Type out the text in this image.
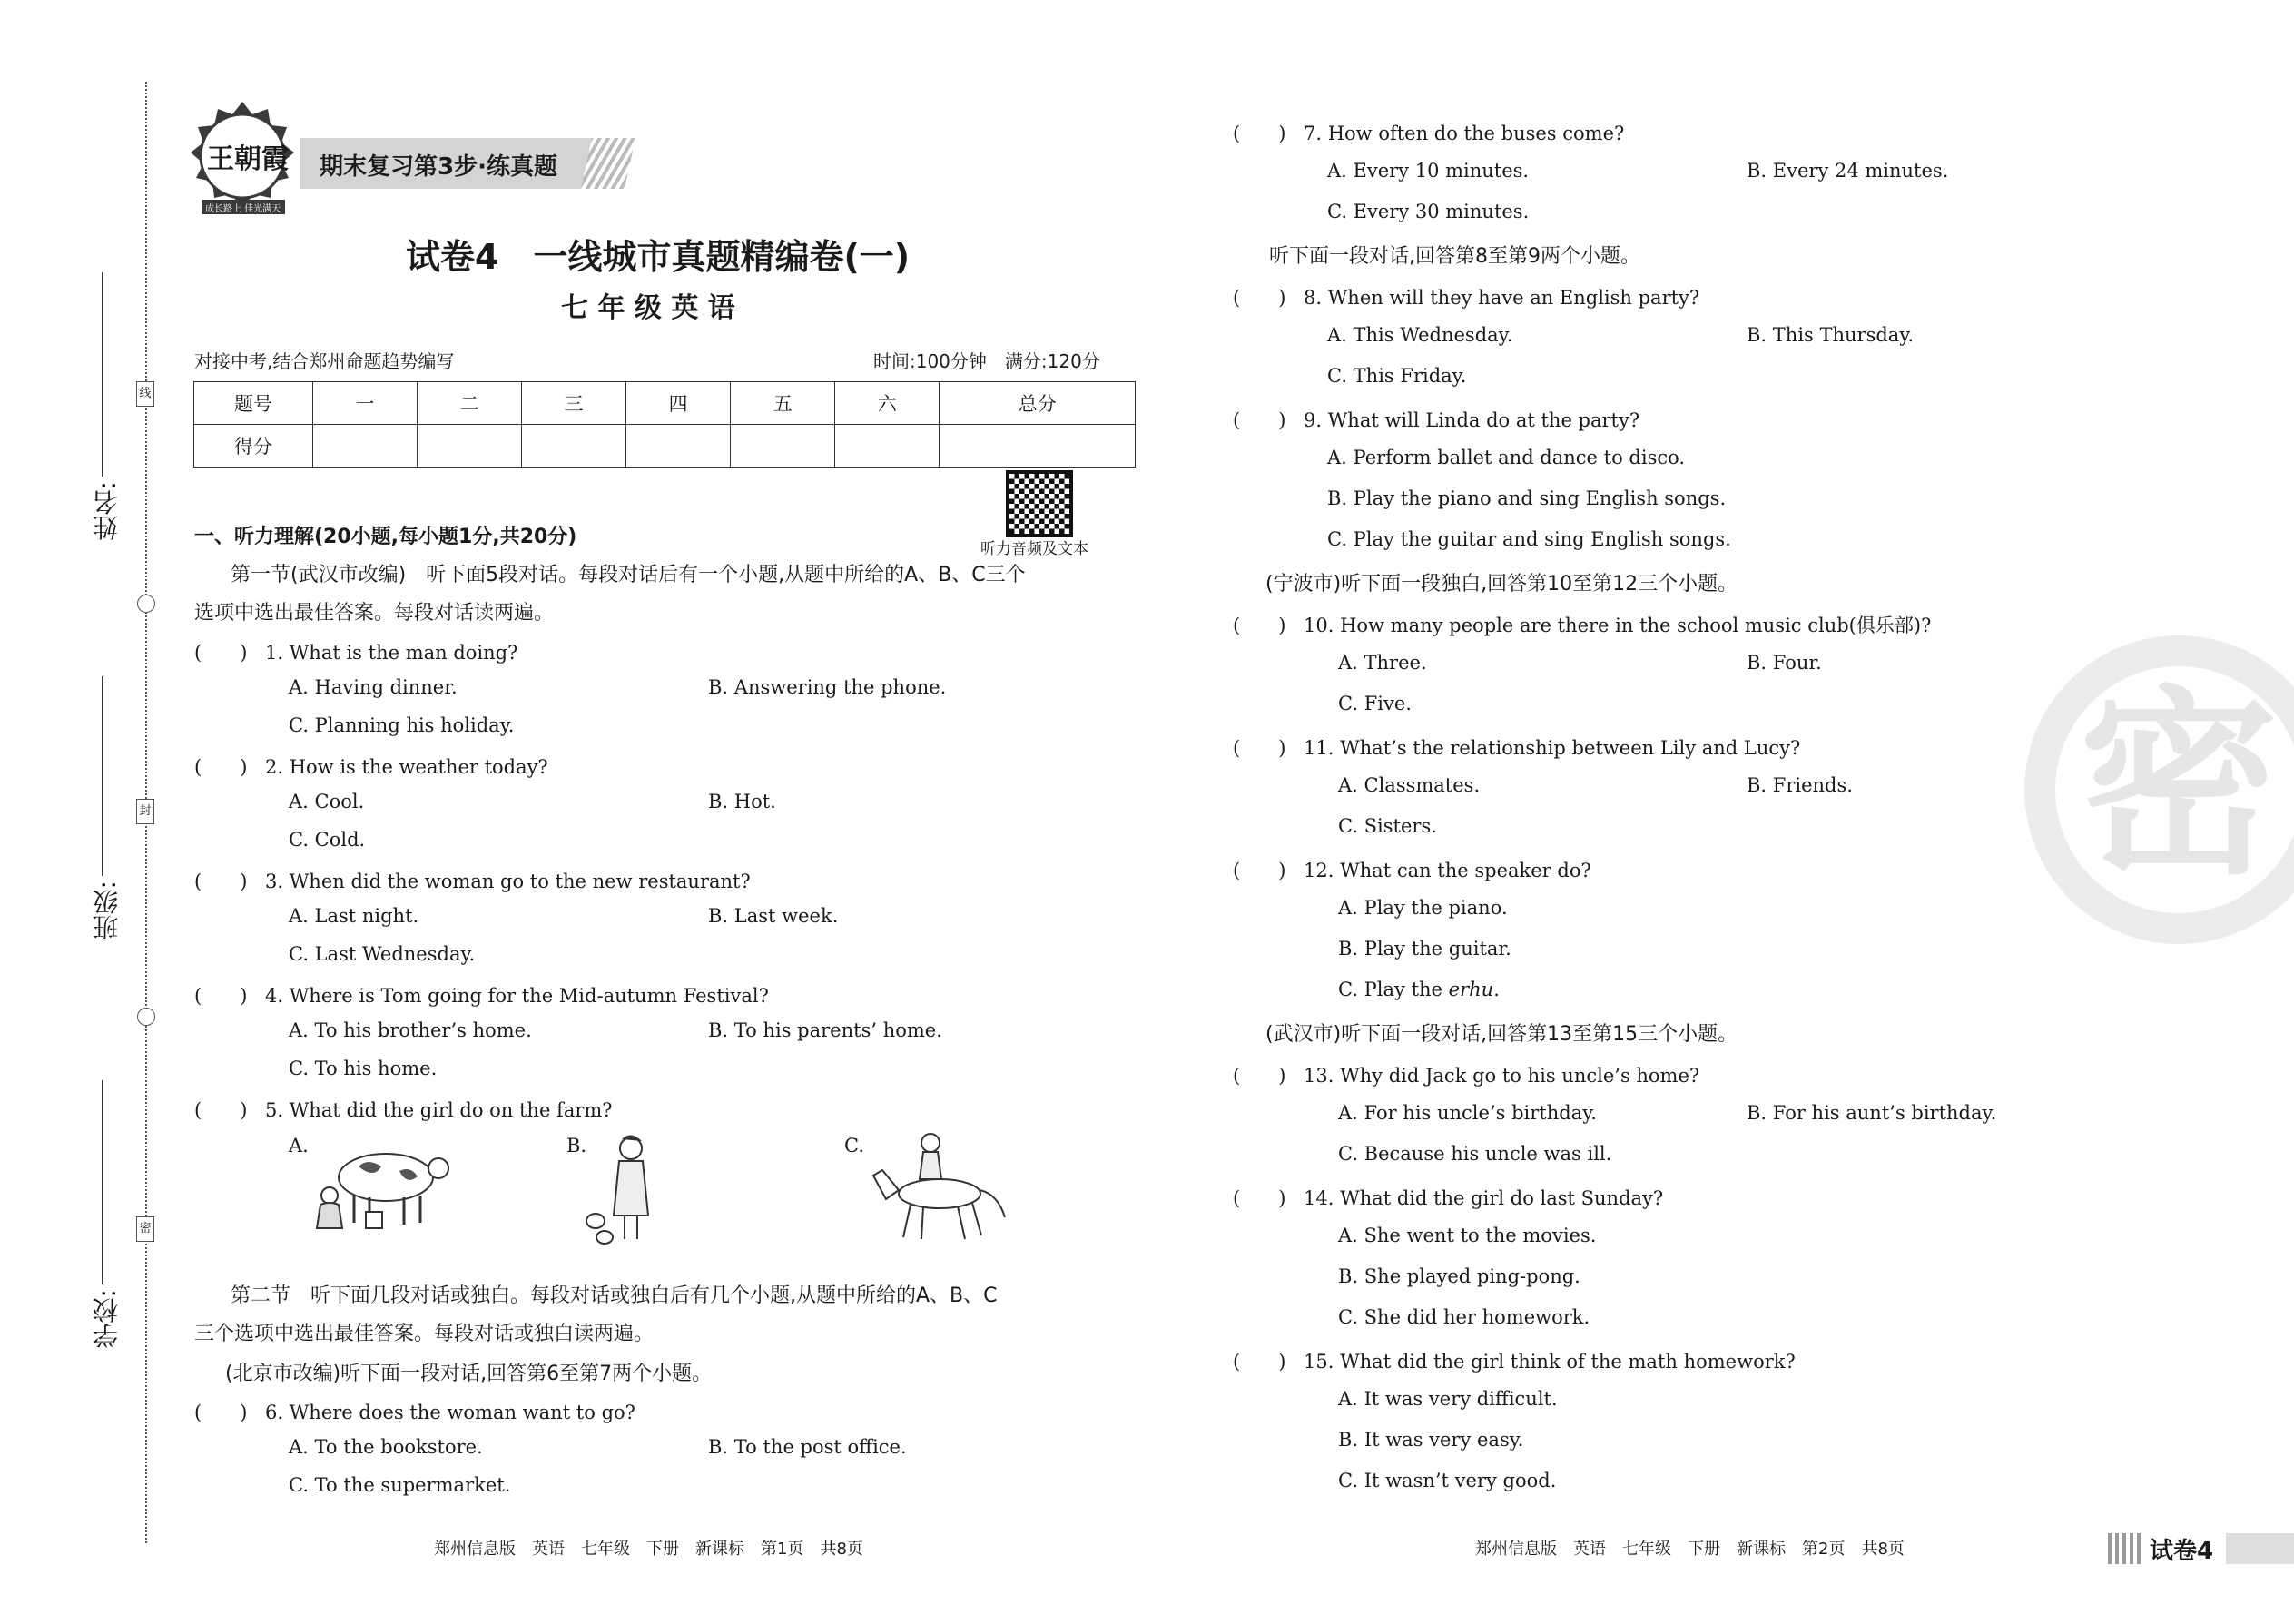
线
封
密
姓名:
班级:
学校:
王朝霞
成长路上 佳光满天
期末复习第3步·练真题
试卷4　一线城市真题精编卷(一)
七 年 级 英 语
对接中考,结合郑州命题趋势编写	时间:100分钟　满分:120分
题号	一	二	三	四	五	六	总分
得分							
听力音频及文本
一、听力理解(20小题,每小题1分,共20分)
第一节(武汉市改编)　听下面5段对话。每段对话后有一个小题,从题中所给的A、B、C三个
选项中选出最佳答案。每段对话读两遍。
(　　) 1. What is the man doing?
A. Having dinner.	B. Answering the phone.
C. Planning his holiday.
(　　) 2. How is the weather today?
A. Cool.	B. Hot.
C. Cold.
(　　) 3. When did the woman go to the new restaurant?
A. Last night.	B. Last week.
C. Last Wednesday.
(　　) 4. Where is Tom going for the Mid-autumn Festival?
A. To his brother’s home.	B. To his parents’ home.
C. To his home.
(　　) 5. What did the girl do on the farm?
A.	B.	C.
第二节　听下面几段对话或独白。每段对话或独白后有几个小题,从题中所给的A、B、C
三个选项中选出最佳答案。每段对话或独白读两遍。
(北京市改编)听下面一段对话,回答第6至第7两个小题。
(　　) 6. Where does the woman want to go?
A. To the bookstore.	B. To the post office.
C. To the supermarket.
(　　) 7. How often do the buses come?
A. Every 10 minutes.	B. Every 24 minutes.
C. Every 30 minutes.
听下面一段对话,回答第8至第9两个小题。
(　　) 8. When will they have an English party?
A. This Wednesday.	B. This Thursday.
C. This Friday.
(　　) 9. What will Linda do at the party?
A. Perform ballet and dance to disco.
B. Play the piano and sing English songs.
C. Play the guitar and sing English songs.
(宁波市)听下面一段独白,回答第10至第12三个小题。
(　　) 10. How many people are there in the school music club(俱乐部)?
A. Three.	B. Four.
C. Five.
(　　) 11. What’s the relationship between Lily and Lucy?
A. Classmates.	B. Friends.
C. Sisters.
(　　) 12. What can the speaker do?
A. Play the piano.
B. Play the guitar.
C. Play the erhu.
(武汉市)听下面一段对话,回答第13至第15三个小题。
(　　) 13. Why did Jack go to his uncle’s home?
A. For his uncle’s birthday.	B. For his aunt’s birthday.
C. Because his uncle was ill.
(　　) 14. What did the girl do last Sunday?
A. She went to the movies.
B. She played ping-pong.
C. She did her homework.
(　　) 15. What did the girl think of the math homework?
A. It was very difficult.
B. It was very easy.
C. It wasn’t very good.
密
郑州信息版　英语　七年级　下册　新课标　第1页　共8页	郑州信息版　英语　七年级　下册　新课标　第2页　共8页	试卷4
